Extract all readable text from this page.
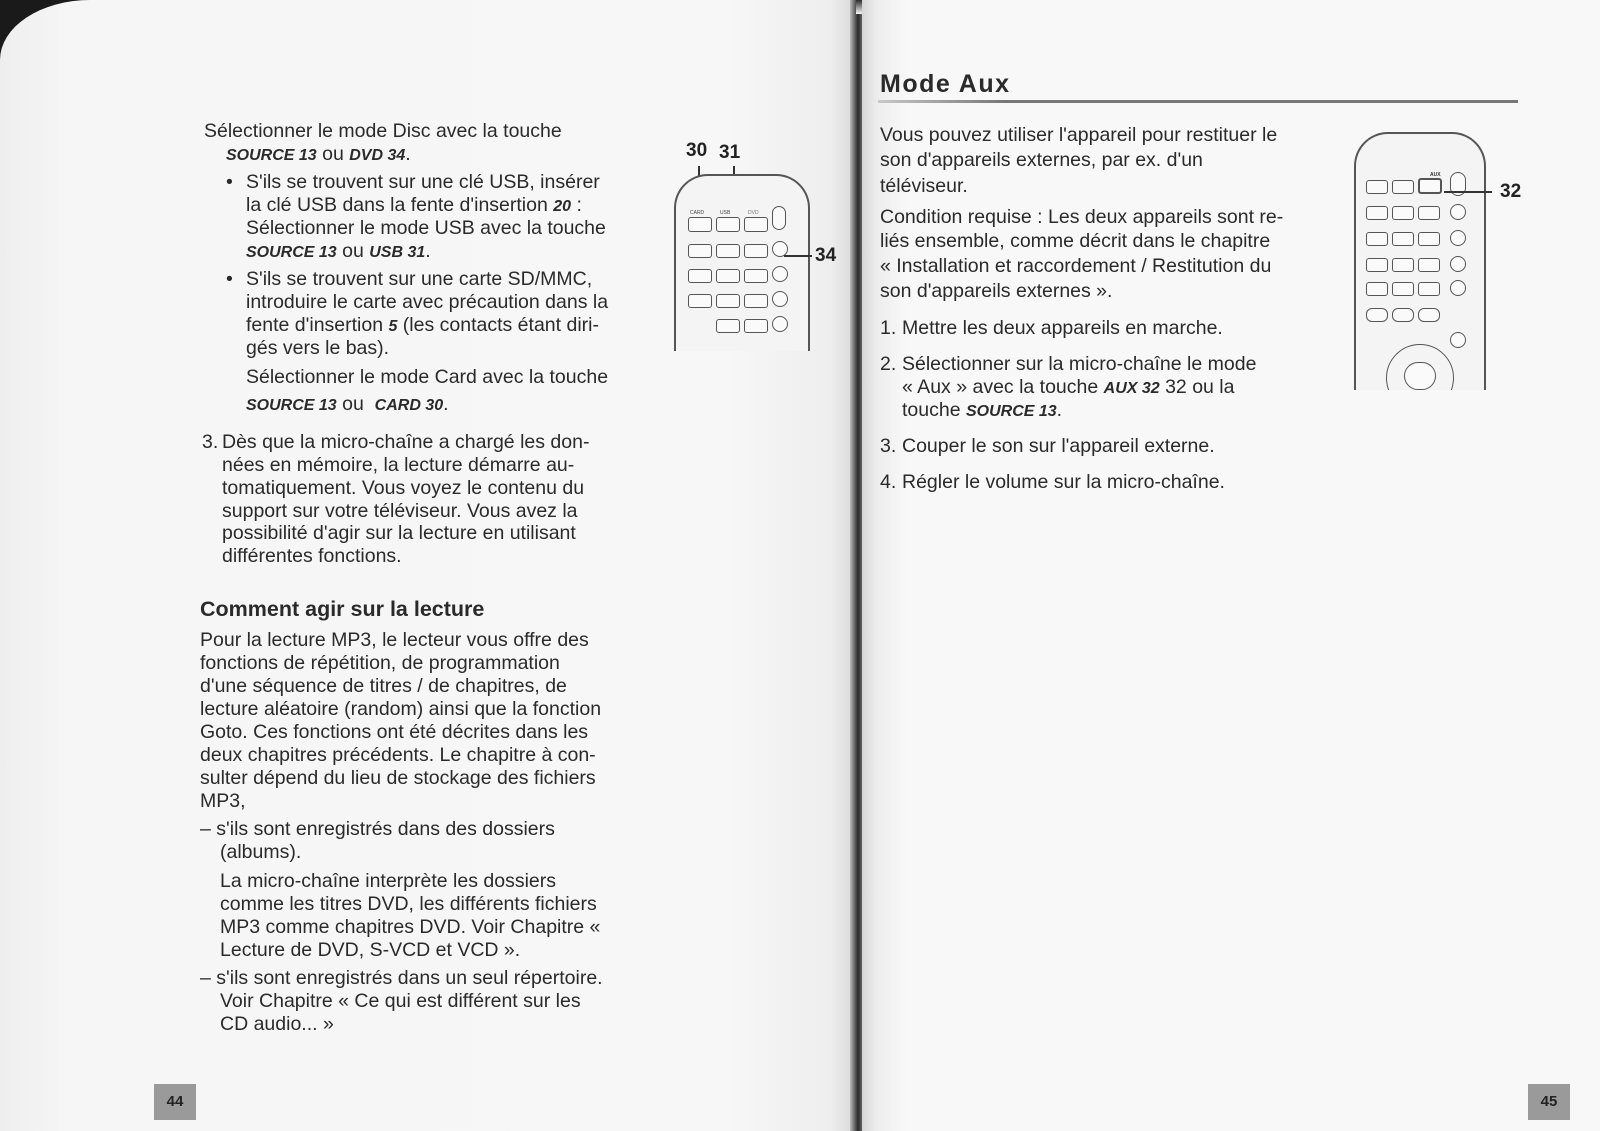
Sélectionner le mode Disc avec la touche

SOURCE 13 ou DVD 34.

• S'ils se trouvent sur une clé USB, insérer

la clé USB dans la fente d'insertion 20 :

Sélectionner le mode USB avec la touche

SOURCE 13 ou USB 31.

• S'ils se trouvent sur une carte SD/MMC,

introduire le carte avec précaution dans la

fente d'insertion 5 (les contacts étant diri-

gés vers le bas).

Sélectionner le mode Card avec la touche

SOURCE 13 ou CARD 30.

3. Dès que la micro-chaîne a chargé les don-

nées en mémoire, la lecture démarre au-

tomatiquement. Vous voyez le contenu du

support sur votre téléviseur. Vous avez la

possibilité d'agir sur la lecture en utilisant

différentes fonctions.

Comment agir sur la lecture

Pour la lecture MP3, le lecteur vous offre des

fonctions de répétition, de programmation

d'une séquence de titres / de chapitres, de

lecture aléatoire (random) ainsi que la fonction

Goto. Ces fonctions ont été décrites dans les

deux chapitres précédents. Le chapitre à con-

sulter dépend du lieu de stockage des fichiers

MP3,

– s'ils sont enregistrés dans des dossiers

(albums).

La micro-chaîne interprète les dossiers

comme les titres DVD, les différents fichiers

MP3 comme chapitres DVD. Voir Chapitre «

Lecture de DVD, S-VCD et VCD ».

– s'ils sont enregistrés dans un seul répertoire.

Voir Chapitre « Ce qui est différent sur les

CD audio... »

30 31
CARD	USB	DVD
34
44
Mode Aux

Vous pouvez utiliser l'appareil pour restituer le

son d'appareils externes, par ex. d'un

téléviseur.

Condition requise : Les deux appareils sont re-

liés ensemble, comme décrit dans le chapitre

« Installation et raccordement / Restitution du

son d'appareils externes ».

1. Mettre les deux appareils en marche.

2. Sélectionner sur la micro-chaîne le mode

« Aux » avec la touche AUX 32 32 ou la

touche SOURCE 13.

3. Couper le son sur l'appareil externe.

4. Régler le volume sur la micro-chaîne.

AUX
32
45
